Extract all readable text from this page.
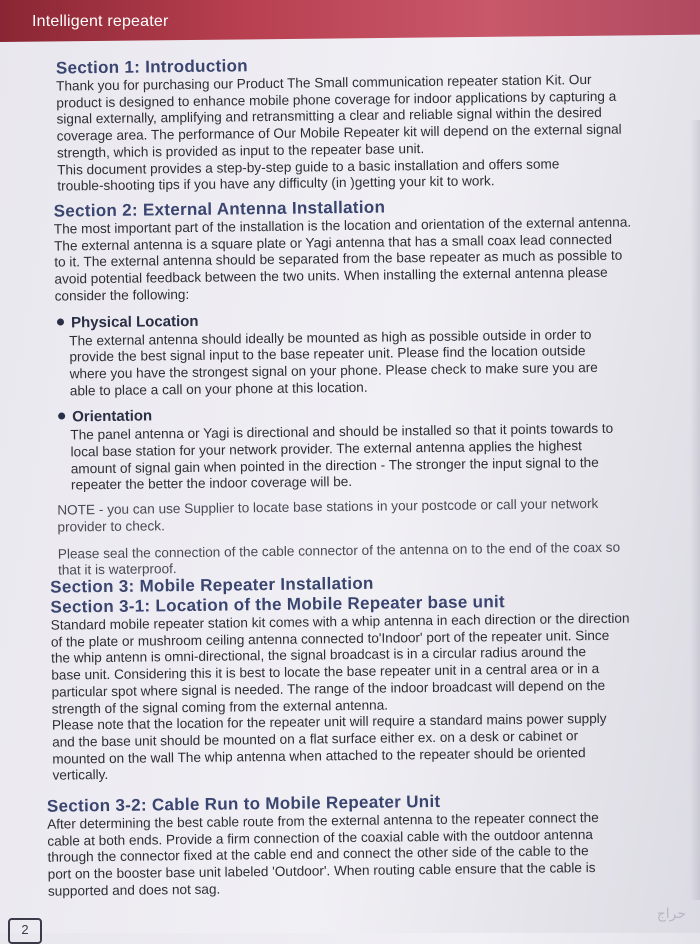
Intelligent repeater
Section 1: Introduction

Thank you for purchasing our Product The Small communication repeater station Kit. Our

product is designed to enhance mobile phone coverage for indoor applications by capturing a

signal externally, amplifying and retransmitting a clear and reliable signal within the desired

coverage area. The performance of Our Mobile Repeater kit will depend on the external signal

strength, which is provided as input to the repeater base unit.

This document provides a step-by-step guide to a basic installation and offers some

trouble-shooting tips if you have any difficulty (in )getting your kit to work.

Section 2: External Antenna Installation

The most important part of the installation is the location and orientation of the external antenna.

The external antenna is a square plate or Yagi antenna that has a small coax lead connected

to it. The external antenna should be separated from the base repeater as much as possible to

avoid potential feedback between the two units. When installing the external antenna please

consider the following:

Physical Location

The external antenna should ideally be mounted as high as possible outside in order to

provide the best signal input to the base repeater unit. Please find the location outside

where you have the strongest signal on your phone. Please check to make sure you are

able to place a call on your phone at this location.

Orientation

The panel antenna or Yagi is directional and should be installed so that it points towards to

local base station for your network provider. The external antenna applies the highest

amount of signal gain when pointed in the direction - The stronger the input signal to the

repeater the better the indoor coverage will be.

NOTE - you can use Supplier to locate base stations in your postcode or call your network

provider to check.

Please seal the connection of the cable connector of the antenna on to the end of the coax so

that it is waterproof.

Section 3: Mobile Repeater Installation
Section 3-1: Location of the Mobile Repeater base unit

Standard mobile repeater station kit comes with a whip antenna in each direction or the direction

of the plate or mushroom ceiling antenna connected to'Indoor' port of the repeater unit. Since

the whip antenn is omni-directional, the signal broadcast is in a circular radius around the

base unit. Considering this it is best to locate the base repeater unit in a central area or in a

particular spot where signal is needed. The range of the indoor broadcast will depend on the

strength of the signal coming from the external antenna.

Please note that the location for the repeater unit will require a standard mains power supply

and the base unit should be mounted on a flat surface either ex. on a desk or cabinet or

mounted on the wall The whip antenna when attached to the repeater should be oriented

vertically.

Section 3-2: Cable Run to Mobile Repeater Unit

After determining the best cable route from the external antenna to the repeater connect the

cable at both ends. Provide a firm connection of the coaxial cable with the outdoor antenna

through the connector fixed at the cable end and connect the other side of the cable to the

port on the booster base unit labeled 'Outdoor'. When routing cable ensure that the cable is

supported and does not sag.

2
حراج
